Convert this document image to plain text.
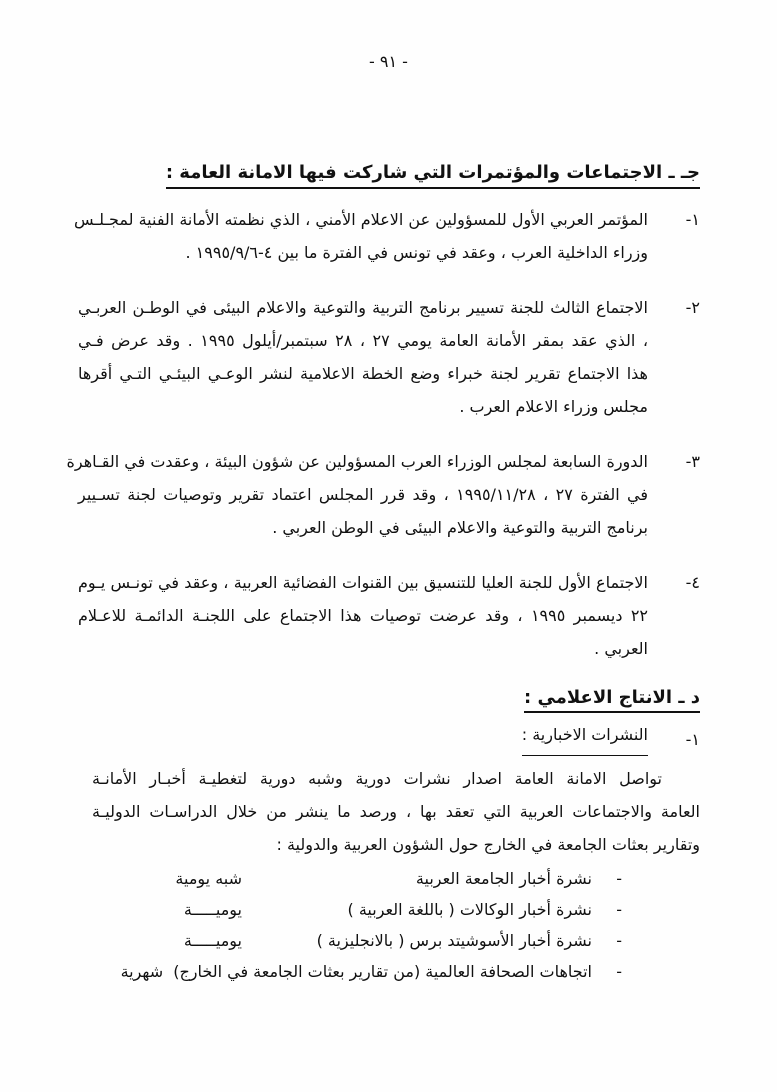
- ٩١ -
جـ ـ الاجتماعات والمؤتمرات التي شاركت فيها الامانة العامة :
١-
المؤتمر العربي الأول للمسؤولين عن الاعلام الأمني ، الذي نظمته الأمانة الفنية لمجـلـس
وزراء الداخلية العرب ، وعقد في تونس في الفترة ما بين ٤-١٩٩٥/٩/٦ .
٢-
الاجتماع الثالث للجنة تسيير برنامج التربية والتوعية والاعلام البيئى في الوطـن العربـي
، الذي عقد بمقر الأمانة العامة يومي ٢٧ ، ٢٨ سبتمبر/أيلول ١٩٩٥ . وقد عرض فـي
هذا الاجتماع تقرير لجنة خبراء وضع الخطة الاعلامية لنشر الوعـي البيئـي التـي أقرها
مجلس وزراء الاعلام العرب .
٣-
الدورة السابعة لمجلس الوزراء العرب المسؤولين عن شؤون البيئة ، وعقدت في القـاهرة
في الفترة ٢٧ ، ١٩٩٥/١١/٢٨ ، وقد قرر المجلس اعتماد تقرير وتوصيات لجنة تسـيير
برنامج التربية والتوعية والاعلام البيئى في الوطن العربي .
٤-
الاجتماع الأول للجنة العليا للتنسيق بين القنوات الفضائية العربية ، وعقد في تونـس يـوم
٢٢ ديسمبر ١٩٩٥ ، وقد عرضت توصيات هذا الاجتماع على اللجنـة الدائمـة للاعـلام
العربي .
د ـ الانتاج الاعلامي :
١-
النشرات الاخبارية :
تواصل الامانة العامة اصدار نشرات دورية وشبه دورية لتغطيـة أخبـار الأمانـة
العامة والاجتماعات العربية التي تعقد بها ، ورصد ما ينشر من خلال الدراسـات الدوليـة
وتقارير بعثات الجامعة في الخارج حول الشؤون العربية والدولية :
-
نشرة أخبار الجامعة العربية
شبه يومية
-
نشرة أخبار الوكالات ( باللغة العربية )
يوميـــــة
-
نشرة أخبار الأسوشيتد برس ( بالانجليزية )
يوميـــــة
-
اتجاهات الصحافة العالمية (من تقارير بعثات الجامعة في الخارج)
شهرية
